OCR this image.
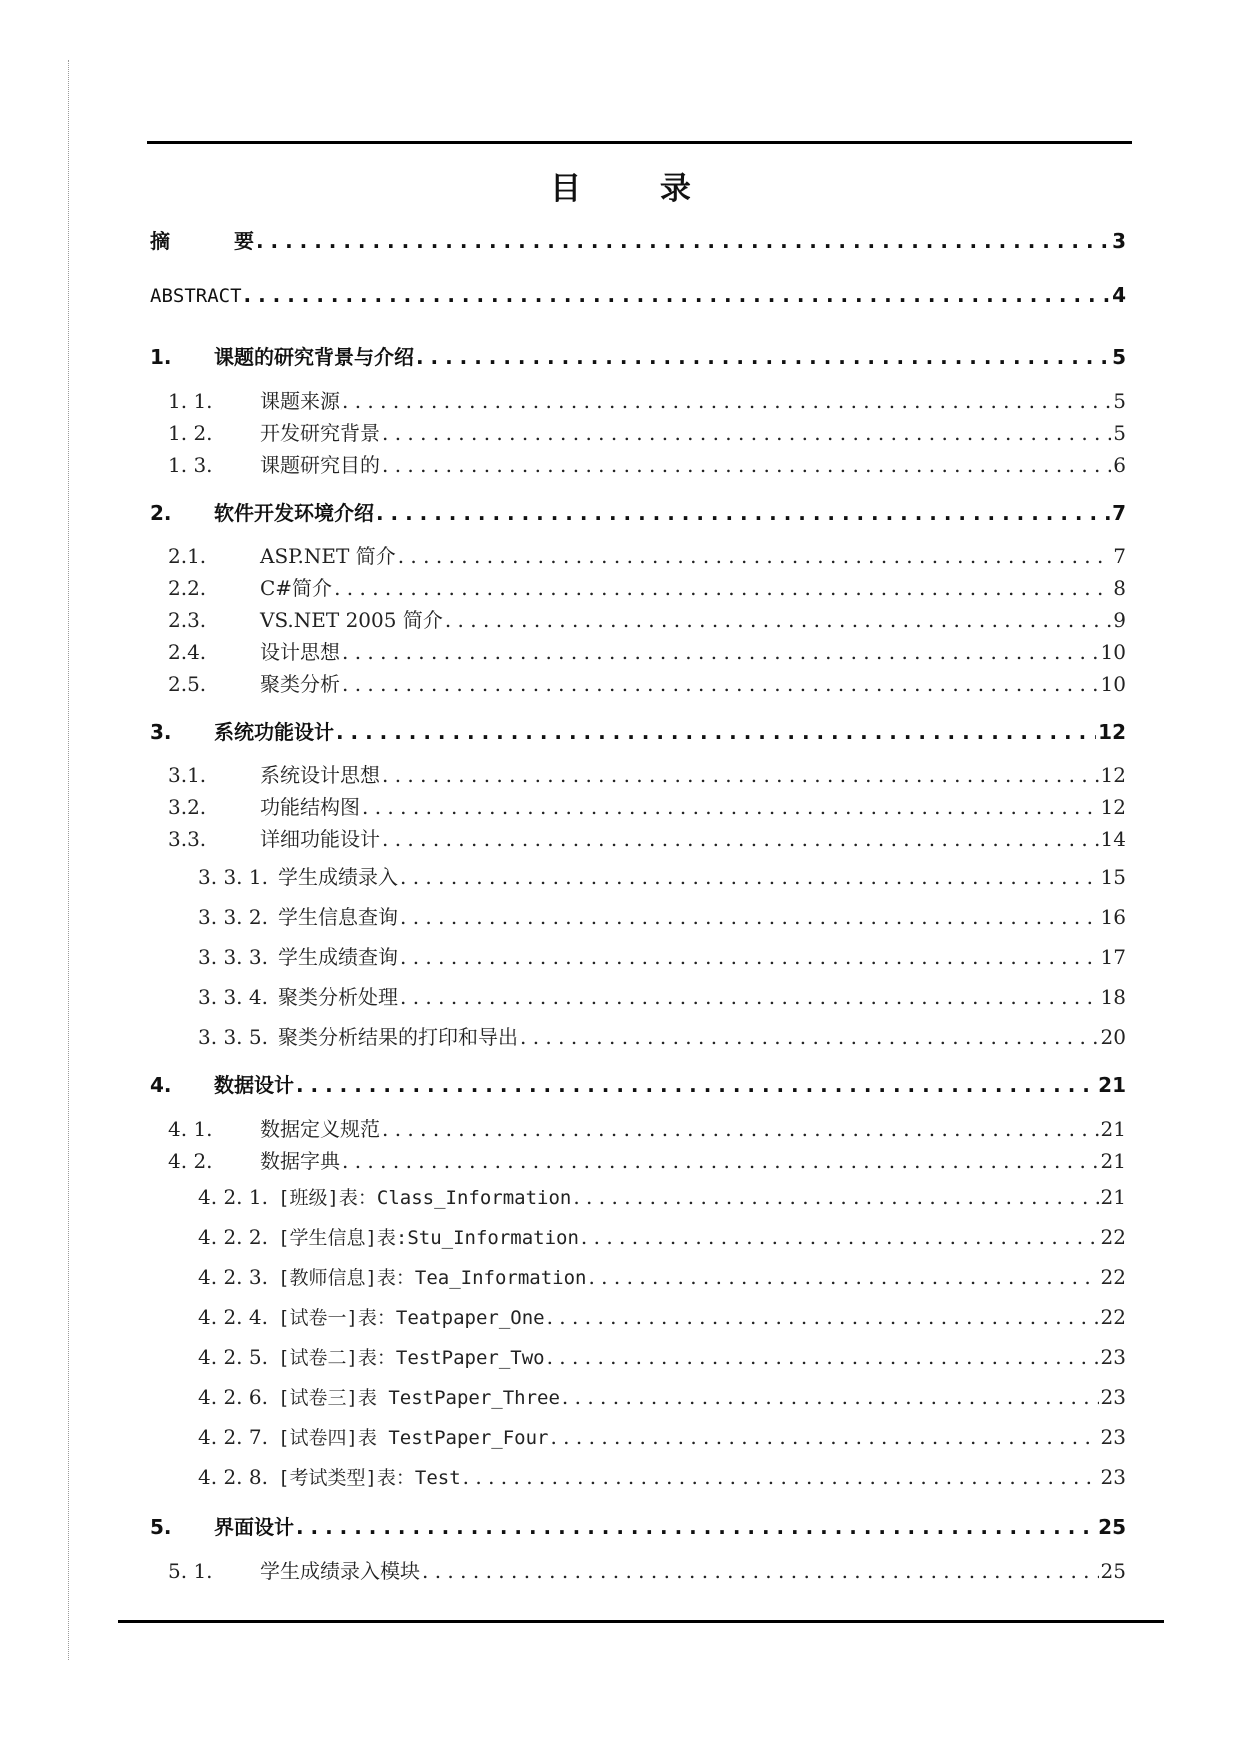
目 录
摘	要 . . .	3
ABSTRACT . . .	4
1.	课题的研究背景与介绍 . . .	5
1. 1.	课题来源 . . .	5
1. 2.	开发研究背景 . . .	5
1. 3.	课题研究目的 . . .	6
2.	软件开发环境介绍 . . .	7
2.1.	ASP.NET 简介 . . .	7
2.2.	C#简介 . . .	8
2.3.	VS.NET 2005 简介 . . .	9
2.4.	设计思想 . . .	10
2.5.	聚类分析 . . .	10
3.	系统功能设计 . . .	12
3.1.	系统设计思想 . . .	12
3.2.	功能结构图 . . .	12
3.3.	详细功能设计 . . .	14
3. 3. 1. 学生成绩录入 . . .	15
3. 3. 2. 学生信息查询 . . .	16
3. 3. 3. 学生成绩查询 . . .	17
3. 3. 4. 聚类分析处理 . . .	18
3. 3. 5. 聚类分析结果的打印和导出 . . .	20
4.	数据设计 . . .	21
4. 1.	数据定义规范 . . .	21
4. 2.	数据字典 . . .	21
4. 2. 1. [班级]表：Class_Information . . .	21
4. 2. 2. [学生信息]表:Stu_Information . . .	22
4. 2. 3. [教师信息]表：Tea_Information . . .	22
4. 2. 4. [试卷一]表：Teatpaper_One . . .	22
4. 2. 5. [试卷二]表：TestPaper_Two . . .	23
4. 2. 6. [试卷三]表 TestPaper_Three . . .	23
4. 2. 7. [试卷四]表 TestPaper_Four . . .	23
4. 2. 8. [考试类型]表：Test . . .	23
5.	界面设计 . . .	25
5. 1.	学生成绩录入模块 . . .	25
